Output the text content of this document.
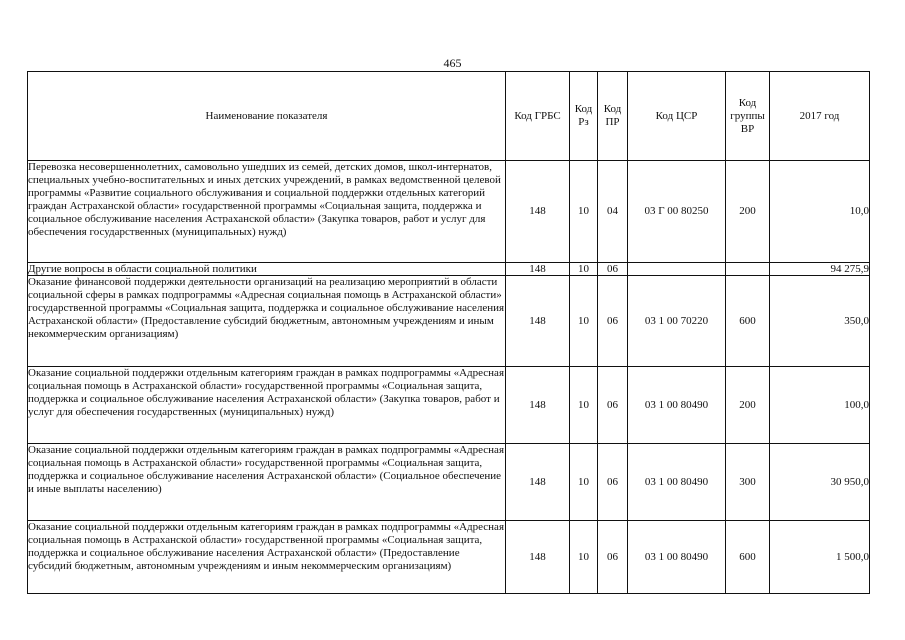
465
Наименование показателя	Код ГРБС	Код Рз	Код ПР	Код ЦСР	Код группы ВР	2017 год
Перевозка несовершеннолетних, самовольно ушедших из семей, детских домов, школ-интернатов, специальных учебно-воспитательных и иных детских учреждений, в рамках ведомственной целевой программы «Развитие социального обслуживания и социальной поддержки отдельных категорий граждан Астраханской области» государственной программы «Социальная защита, поддержка и социальное обслуживание населения Астраханской области» (Закупка товаров, работ и услуг для обеспечения государственных (муниципальных) нужд)	148	10	04	03 Г 00 80250	200	10,0
Другие вопросы в области социальной политики	148	10	06			94 275,9
Оказание финансовой поддержки деятельности организаций на реализацию мероприятий в области социальной сферы в рамках подпрограммы «Адресная социальная помощь в Астраханской области» государственной программы «Социальная защита, поддержка и социальное обслуживание населения Астраханской области» (Предоставление субсидий бюджетным, автономным учреждениям и иным некоммерческим организациям)	148	10	06	03 1 00 70220	600	350,0
Оказание социальной поддержки отдельным категориям граждан в рамках подпрограммы «Адресная социальная помощь в Астраханской области» государственной программы «Социальная защита, поддержка и социальное обслуживание населения Астраханской области» (Закупка товаров, работ и услуг для обеспечения государственных (муниципальных) нужд)	148	10	06	03 1 00 80490	200	100,0
Оказание социальной поддержки отдельным категориям граждан в рамках подпрограммы «Адресная социальная помощь в Астраханской области» государственной программы «Социальная защита, поддержка и социальное обслуживание населения Астраханской области» (Социальное обеспечение и иные выплаты населению)	148	10	06	03 1 00 80490	300	30 950,0
Оказание социальной поддержки отдельным категориям граждан в рамках подпрограммы «Адресная социальная помощь в Астраханской области» государственной программы «Социальная защита, поддержка и социальное обслуживание населения Астраханской области» (Предоставление субсидий бюджетным, автономным учреждениям и иным некоммерческим организациям)	148	10	06	03 1 00 80490	600	1 500,0
